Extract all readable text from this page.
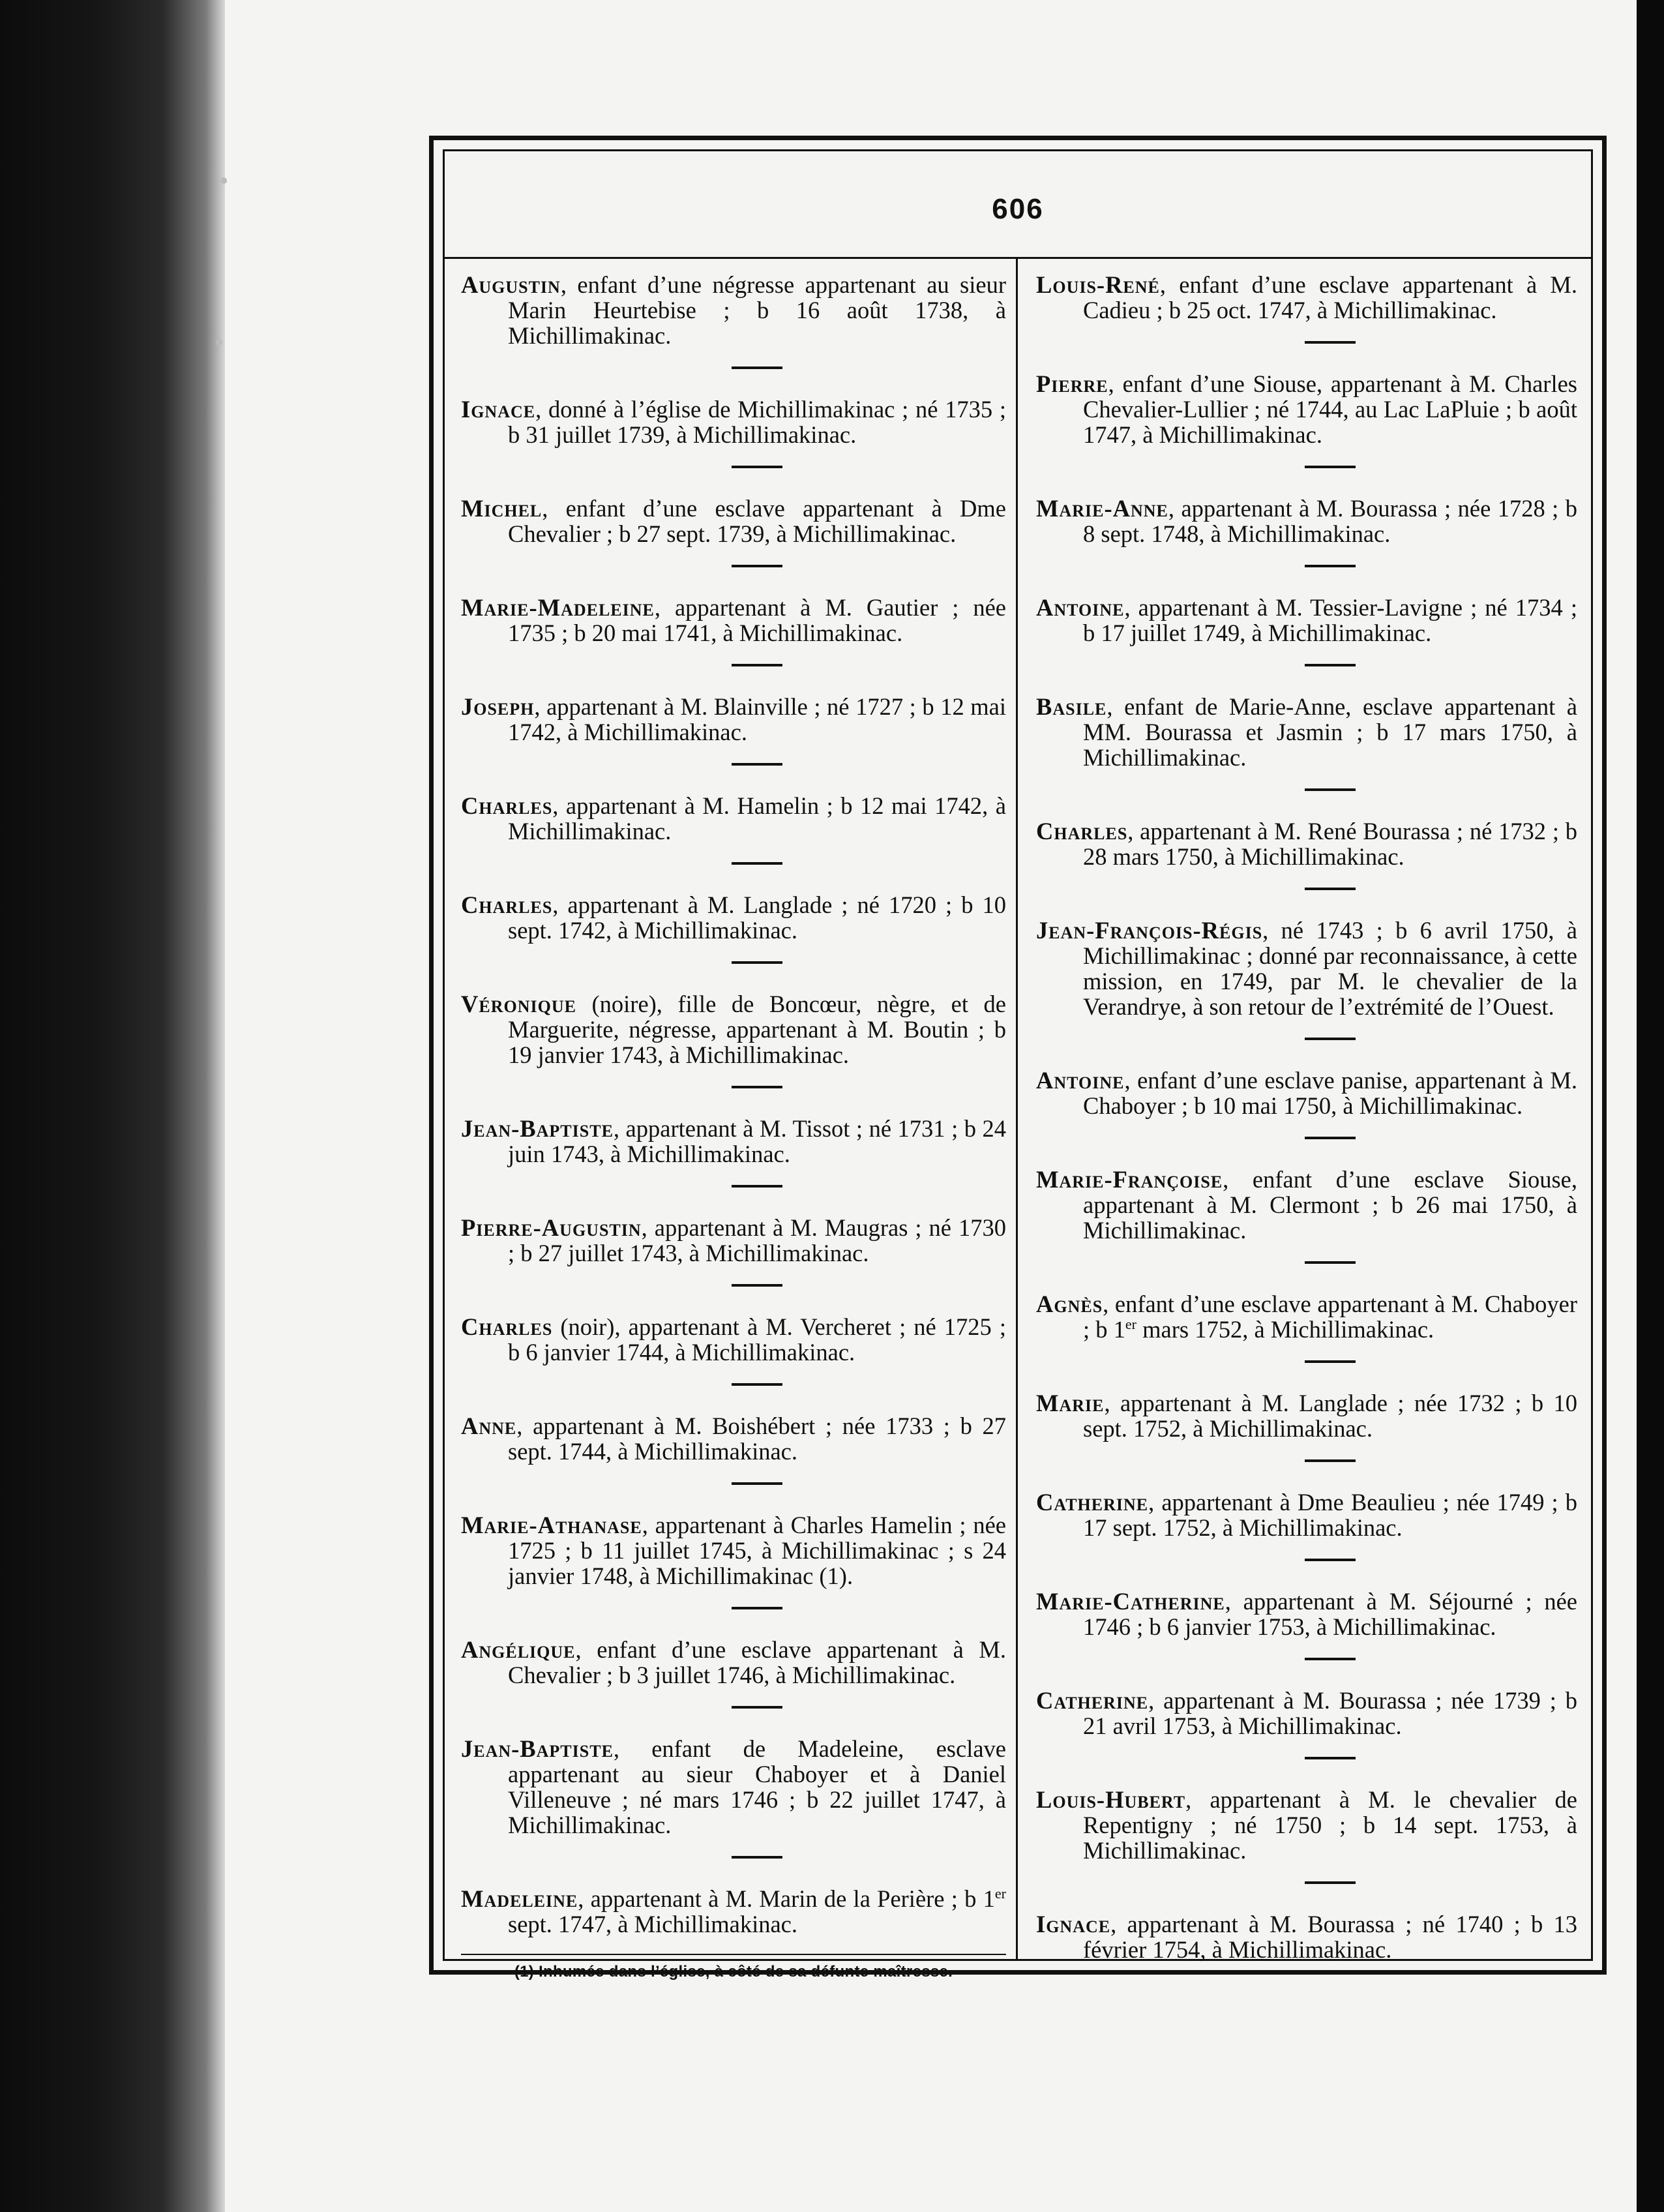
606

Augustin, enfant d’une négresse appartenant au sieur Marin Heurtebise ; b 16 août 1738, à Michillimakinac.

Ignace, donné à l’église de Michillimakinac ; né 1735 ; b 31 juillet 1739, à Michillimakinac.

Michel, enfant d’une esclave appartenant à Dme Chevalier ; b 27 sept. 1739, à Michillimakinac.

Marie-Madeleine, appartenant à M. Gautier ; née 1735 ; b 20 mai 1741, à Michillimakinac.

Joseph, appartenant à M. Blainville ; né 1727 ; b 12 mai 1742, à Michillimakinac.

Charles, appartenant à M. Hamelin ; b 12 mai 1742, à Michillimakinac.

Charles, appartenant à M. Langlade ; né 1720 ; b 10 sept. 1742, à Michillimakinac.

Véronique (noire), fille de Boncœur, nègre, et de Marguerite, négresse, appartenant à M. Boutin ; b 19 janvier 1743, à Michillimakinac.

Jean-Baptiste, appartenant à M. Tissot ; né 1731 ; b 24 juin 1743, à Michillimakinac.

Pierre-Augustin, appartenant à M. Maugras ; né 1730 ; b 27 juillet 1743, à Michillimakinac.

Charles (noir), appartenant à M. Vercheret ; né 1725 ; b 6 janvier 1744, à Michillimakinac.

Anne, appartenant à M. Boishébert ; née 1733 ; b 27 sept. 1744, à Michillimakinac.

Marie-Athanase, appartenant à Charles Hamelin ; née 1725 ; b 11 juillet 1745, à Michillimakinac ; s 24 janvier 1748, à Michillimakinac (1).

Angélique, enfant d’une esclave appartenant à M. Chevalier ; b 3 juillet 1746, à Michillimakinac.

Jean-Baptiste, enfant de Madeleine, esclave appartenant au sieur Chaboyer et à Daniel Villeneuve ; né mars 1746 ; b 22 juillet 1747, à Michillimakinac.

Madeleine, appartenant à M. Marin de la Perière ; b 1er sept. 1747, à Michillimakinac.

(1) Inhumée dans l’église, à côté de sa défunte maîtresse.

Louis-René, enfant d’une esclave appartenant à M. Cadieu ; b 25 oct. 1747, à Michillimakinac.

Pierre, enfant d’une Siouse, appartenant à M. Charles Chevalier-Lullier ; né 1744, au Lac LaPluie ; b août 1747, à Michillimakinac.

Marie-Anne, appartenant à M. Bourassa ; née 1728 ; b 8 sept. 1748, à Michillimakinac.

Antoine, appartenant à M. Tessier-Lavigne ; né 1734 ; b 17 juillet 1749, à Michillimakinac.

Basile, enfant de Marie-Anne, esclave appartenant à MM. Bourassa et Jasmin ; b 17 mars 1750, à Michillimakinac.

Charles, appartenant à M. René Bourassa ; né 1732 ; b 28 mars 1750, à Michillimakinac.

Jean-François-Régis, né 1743 ; b 6 avril 1750, à Michillimakinac ; donné par reconnaissance, à cette mission, en 1749, par M. le chevalier de la Verandrye, à son retour de l’extrémité de l’Ouest.

Antoine, enfant d’une esclave panise, appartenant à M. Chaboyer ; b 10 mai 1750, à Michillimakinac.

Marie-Françoise, enfant d’une esclave Siouse, appartenant à M. Clermont ; b 26 mai 1750, à Michillimakinac.

Agnès, enfant d’une esclave appartenant à M. Chaboyer ; b 1er mars 1752, à Michillimakinac.

Marie, appartenant à M. Langlade ; née 1732 ; b 10 sept. 1752, à Michillimakinac.

Catherine, appartenant à Dme Beaulieu ; née 1749 ; b 17 sept. 1752, à Michillimakinac.

Marie-Catherine, appartenant à M. Séjourné ; née 1746 ; b 6 janvier 1753, à Michillimakinac.

Catherine, appartenant à M. Bourassa ; née 1739 ; b 21 avril 1753, à Michillimakinac.

Louis-Hubert, appartenant à M. le chevalier de Repentigny ; né 1750 ; b 14 sept. 1753, à Michillimakinac.

Ignace, appartenant à M. Bourassa ; né 1740 ; b 13 février 1754, à Michillimakinac.
